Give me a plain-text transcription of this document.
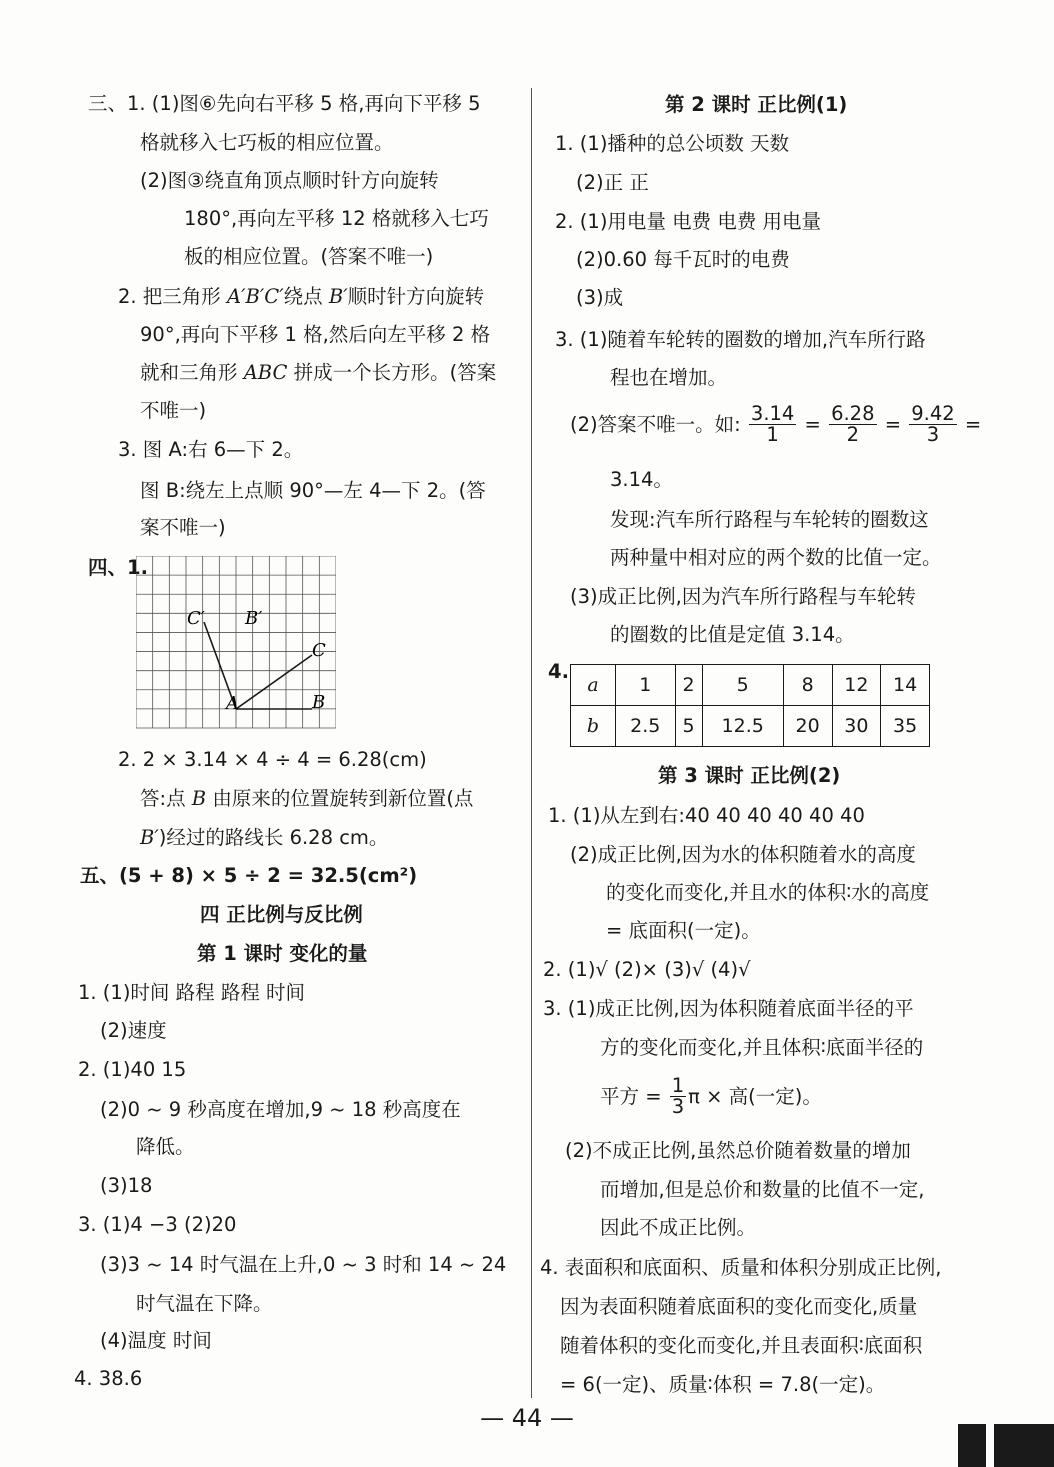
三、1. (1)图⑥先向右平移 5 格,再向下平移 5
格就移入七巧板的相应位置。
(2)图③绕直角顶点顺时针方向旋转
180°,再向左平移 12 格就移入七巧
板的相应位置。(答案不唯一)
2. 把三角形 A′B′C′绕点 B′顺时针方向旋转
90°,再向下平移 1 格,然后向左平移 2 格
就和三角形 ABC 拼成一个长方形。(答案
不唯一)
3. 图 A:右 6—下 2。
图 B:绕左上点顺 90°—左 4—下 2。(答
案不唯一)
四、1.
C′ B′
C
A	B
2. 2 × 3.14 × 4 ÷ 4 = 6.28(cm)
答:点 B 由原来的位置旋转到新位置(点
B′)经过的路线长 6.28 cm。
五、(5 + 8) × 5 ÷ 2 = 32.5(cm²)
四 正比例与反比例
第 1 课时 变化的量
1. (1)时间 路程 路程 时间
(2)速度
2. (1)40 15
(2)0 ~ 9 秒高度在增加,9 ~ 18 秒高度在
降低。
(3)18
3. (1)4 −3 (2)20
(3)3 ~ 14 时气温在上升,0 ~ 3 时和 14 ~ 24
时气温在下降。
(4)温度 时间
4. 38.6
第 2 课时 正比例(1)
1. (1)播种的总公顷数 天数
(2)正 正
2. (1)用电量 电费 电费 用电量
(2)0.60 每千瓦时的电费
(3)成
3. (1)随着车轮转的圈数的增加,汽车所行路
程也在增加。
(2)答案不唯一。如: $\frac{3.14}{1} = \frac{6.28}{2} = \frac{9.42}{3}$ =
3.14。
发现:汽车所行路程与车轮转的圈数这
两种量中相对应的两个数的比值一定。
(3)成正比例,因为汽车所行路程与车轮转
的圈数的比值是定值 3.14。
4.
a	1	2	5	8	12	14
b	2.5	5	12.5	20	30	35
第 3 课时 正比例(2)
1. (1)从左到右:40 40 40 40 40 40
(2)成正比例,因为水的体积随着水的高度
的变化而变化,并且水的体积∶水的高度
= 底面积(一定)。
2. (1)√ (2)× (3)√ (4)√
3. (1)成正比例,因为体积随着底面半径的平
方的变化而变化,并且体积∶底面半径的
平方 = $\frac{1}{3}$ π × 高(一定)。
(2)不成正比例,虽然总价随着数量的增加
而增加,但是总价和数量的比值不一定,
因此不成正比例。
4. 表面积和底面积、质量和体积分别成正比例,
因为表面积随着底面积的变化而变化,质量
随着体积的变化而变化,并且表面积∶底面积
= 6(一定)、质量∶体积 = 7.8(一定)。
— 44 —
